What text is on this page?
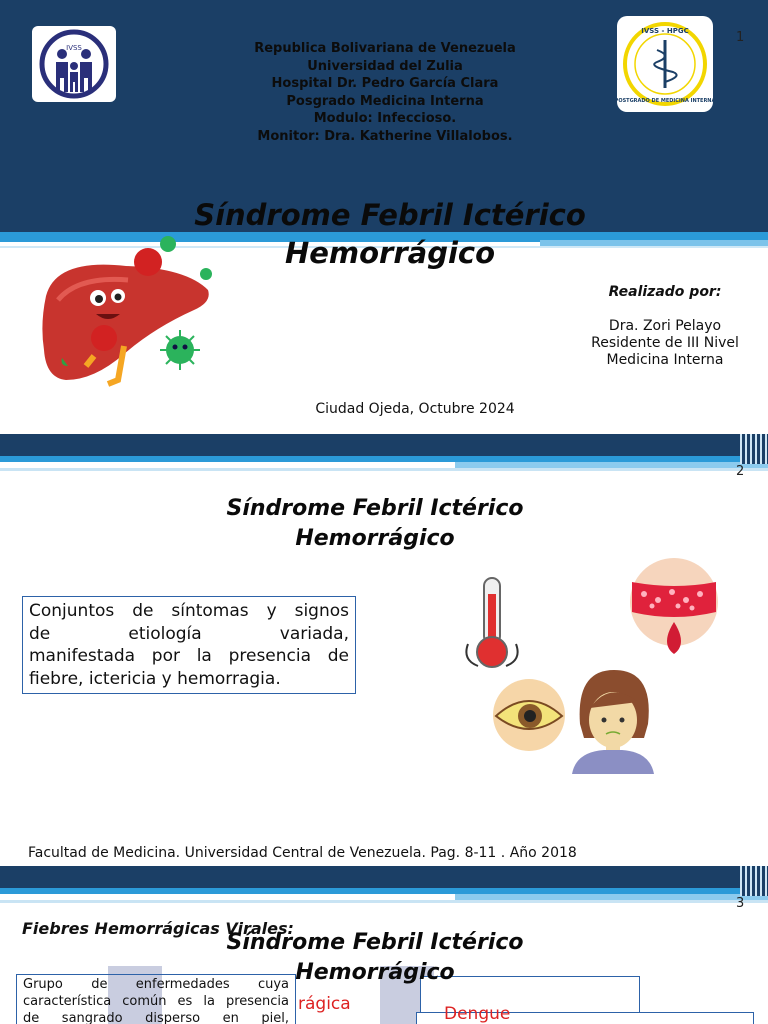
IVSS	Republica Bolivariana de Venezuela
Universidad del Zulia
Hospital Dr. Pedro García Clara
Posgrado Medicina Interna
Modulo: Infeccioso.
Monitor: Dra. Katherine Villalobos.
IVSS - HPGC
POSTGRADO DE MEDICINA INTERNA
1
Síndrome Febril Ictérico
Hemorrágico
Realizado por:
Dra. Zori Pelayo
Residente de III Nivel
Medicina Interna
Ciudad Ojeda, Octubre 2024
2
Síndrome Febril Ictérico
Hemorrágico
Conjuntos de síntomas y signos
de etiología variada,
manifestada por la presencia de
fiebre, ictericia y hemorragia.
Facultad de Medicina. Universidad Central de Venezuela. Pag. 8-11 . Año 2018
3
rágica	Dengue
Fiebres Hemorrágicas Virales:
Síndrome Febril Ictérico
Hemorrágico
Grupo de enfermedades cuya
característica común es la presencia
de sangrado disperso en piel,
